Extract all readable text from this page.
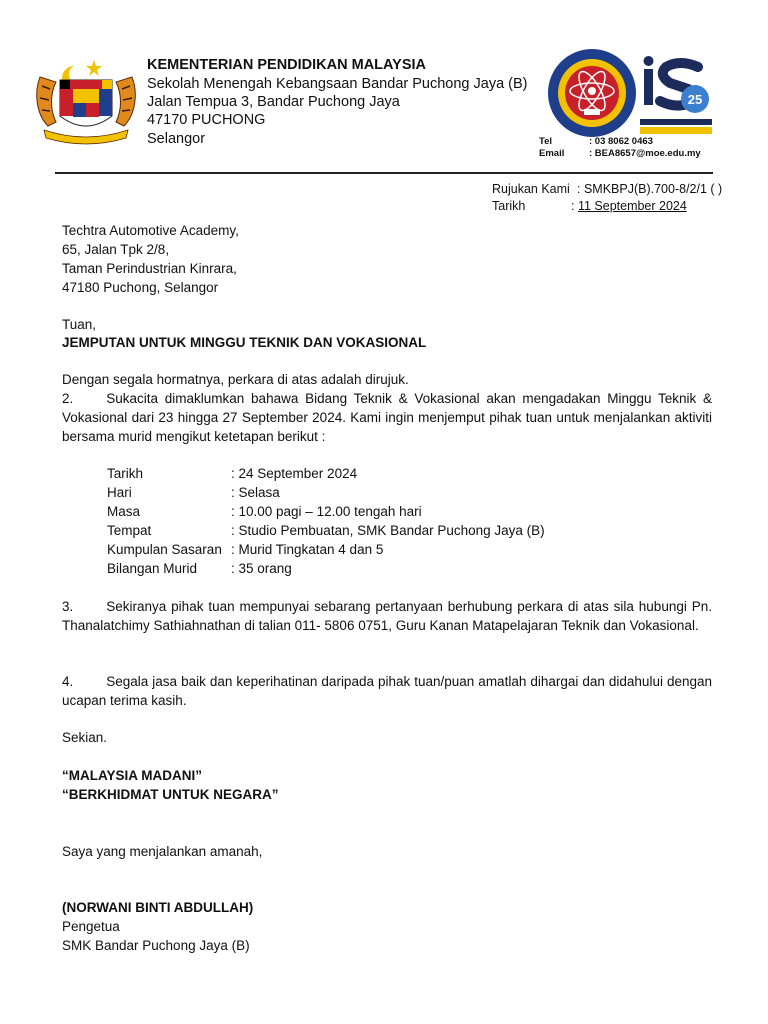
KEMENTERIAN PENDIDIKAN MALAYSIA
Sekolah Menengah Kebangsaan Bandar Puchong Jaya (B)
Jalan Tempua 3, Bandar Puchong Jaya
47170 PUCHONG
Selangor
25
Tel	: 03 8062 0463
Email	: BEA8657@moe.edu.my
Rujukan Kami : SMKBPJ(B).700-8/2/1 ( )
Tarikh	: 11 September 2024
Techtra Automotive Academy,
65, Jalan Tpk 2/8,
Taman Perindustrian Kinrara,
47180 Puchong, Selangor
Tuan,
JEMPUTAN UNTUK MINGGU TEKNIK DAN VOKASIONAL
Dengan segala hormatnya, perkara di atas adalah dirujuk.
2. Sukacita dimaklumkan bahawa Bidang Teknik & Vokasional akan mengadakan Minggu Teknik & Vokasional dari 23 hingga 27 September 2024. Kami ingin menjemput pihak tuan untuk menjalankan aktiviti bersama murid mengikut ketetapan berikut :
Tarikh	: 24 September 2024
Hari	: Selasa
Masa	: 10.00 pagi – 12.00 tengah hari
Tempat	: Studio Pembuatan, SMK Bandar Puchong Jaya (B)
Kumpulan Sasaran : Murid Tingkatan 4 dan 5
Bilangan Murid	: 35 orang
3. Sekiranya pihak tuan mempunyai sebarang pertanyaan berhubung perkara di atas sila hubungi Pn. Thanalatchimy Sathiahnathan di talian 011- 5806 0751, Guru Kanan Matapelajaran Teknik dan Vokasional.
4. Segala jasa baik dan keperihatinan daripada pihak tuan/puan amatlah dihargai dan didahului dengan ucapan terima kasih.
Sekian.
“MALAYSIA MADANI”
“BERKHIDMAT UNTUK NEGARA”
Saya yang menjalankan amanah,
(NORWANI BINTI ABDULLAH)
Pengetua
SMK Bandar Puchong Jaya (B)
